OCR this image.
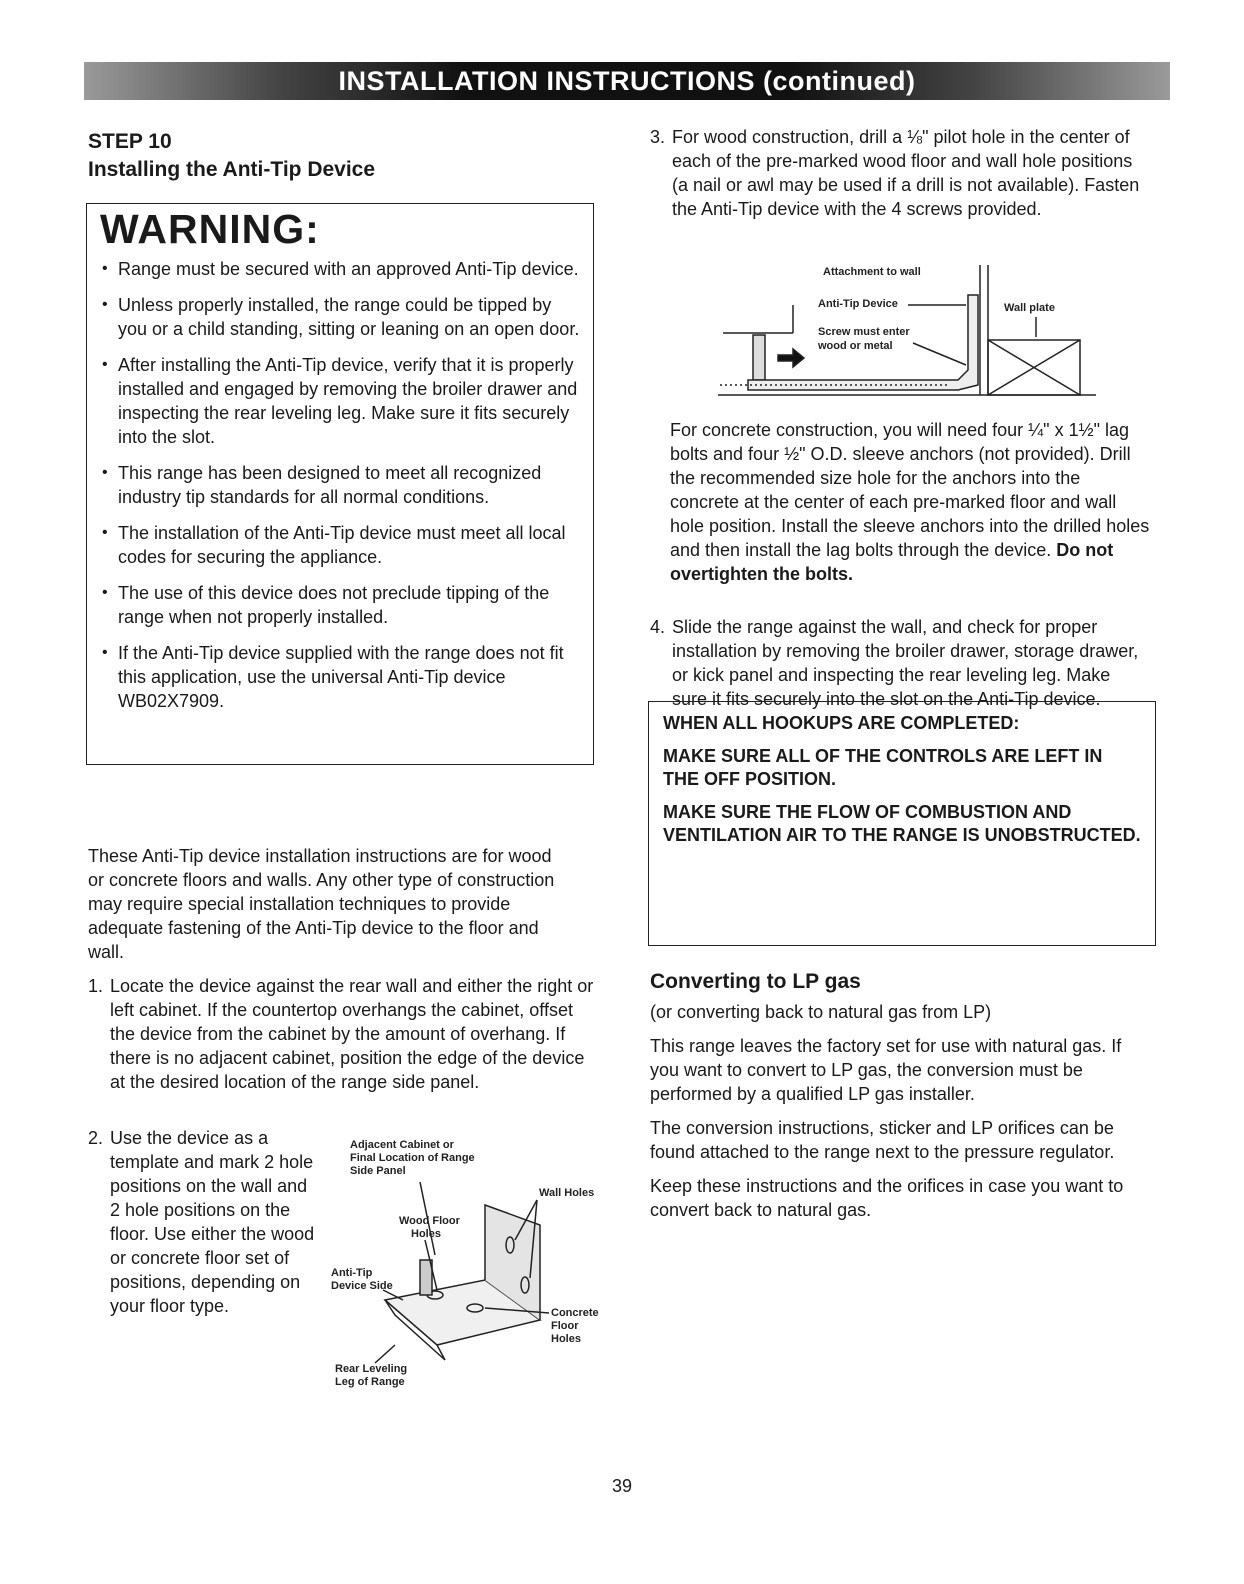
INSTALLATION INSTRUCTIONS (continued)
STEP 10
Installing the Anti-Tip Device
WARNING:
• Range must be secured with an approved Anti-Tip device.
• Unless properly installed, the range could be tipped by you or a child standing, sitting or leaning on an open door.
• After installing the Anti-Tip device, verify that it is properly installed and engaged by removing the broiler drawer and inspecting the rear leveling leg. Make sure it fits securely into the slot.
• This range has been designed to meet all recognized industry tip standards for all normal conditions.
• The installation of the Anti-Tip device must meet all local codes for securing the appliance.
• The use of this device does not preclude tipping of the range when not properly installed.
• If the Anti-Tip device supplied with the range does not fit this application, use the universal Anti-Tip device WB02X7909.
These Anti-Tip device installation instructions are for wood or concrete floors and walls. Any other type of construction may require special installation techniques to provide adequate fastening of the Anti-Tip device to the floor and wall.
1. Locate the device against the rear wall and either the right or left cabinet. If the countertop overhangs the cabinet, offset the device from the cabinet by the amount of overhang. If there is no adjacent cabinet, position the edge of the device at the desired location of the range side panel.
2. Use the device as a template and mark 2 hole positions on the wall and 2 hole positions on the floor. Use either the wood or concrete floor set of positions, depending on your floor type.
Adjacent Cabinet or
Final Location of Range
Side Panel
Wall Holes
Wood Floor
Holes
Anti-Tip
Device Side
Concrete
Floor
Holes
Rear Leveling
Leg of Range
3. For wood construction, drill a ⅛" pilot hole in the center of each of the pre-marked wood floor and wall hole positions (a nail or awl may be used if a drill is not available). Fasten the Anti-Tip device with the 4 screws provided.
Attachment to wall
Anti-Tip Device
Screw must enter
wood or metal
Wall plate
For concrete construction, you will need four ¼" x 1½" lag bolts and four ½" O.D. sleeve anchors (not provided). Drill the recommended size hole for the anchors into the concrete at the center of each pre-marked floor and wall hole position. Install the sleeve anchors into the drilled holes and then install the lag bolts through the device. Do not overtighten the bolts.
4. Slide the range against the wall, and check for proper installation by removing the broiler drawer, storage drawer, or kick panel and inspecting the rear leveling leg. Make sure it fits securely into the slot on the Anti-Tip device.

WHEN ALL HOOKUPS ARE COMPLETED:

MAKE SURE ALL OF THE CONTROLS ARE LEFT IN THE OFF POSITION.

MAKE SURE THE FLOW OF COMBUSTION AND VENTILATION AIR TO THE RANGE IS UNOBSTRUCTED.

Converting to LP gas

(or converting back to natural gas from LP)

This range leaves the factory set for use with natural gas. If you want to convert to LP gas, the conversion must be performed by a qualified LP gas installer.

The conversion instructions, sticker and LP orifices can be found attached to the range next to the pressure regulator.

Keep these instructions and the orifices in case you want to convert back to natural gas.

39
